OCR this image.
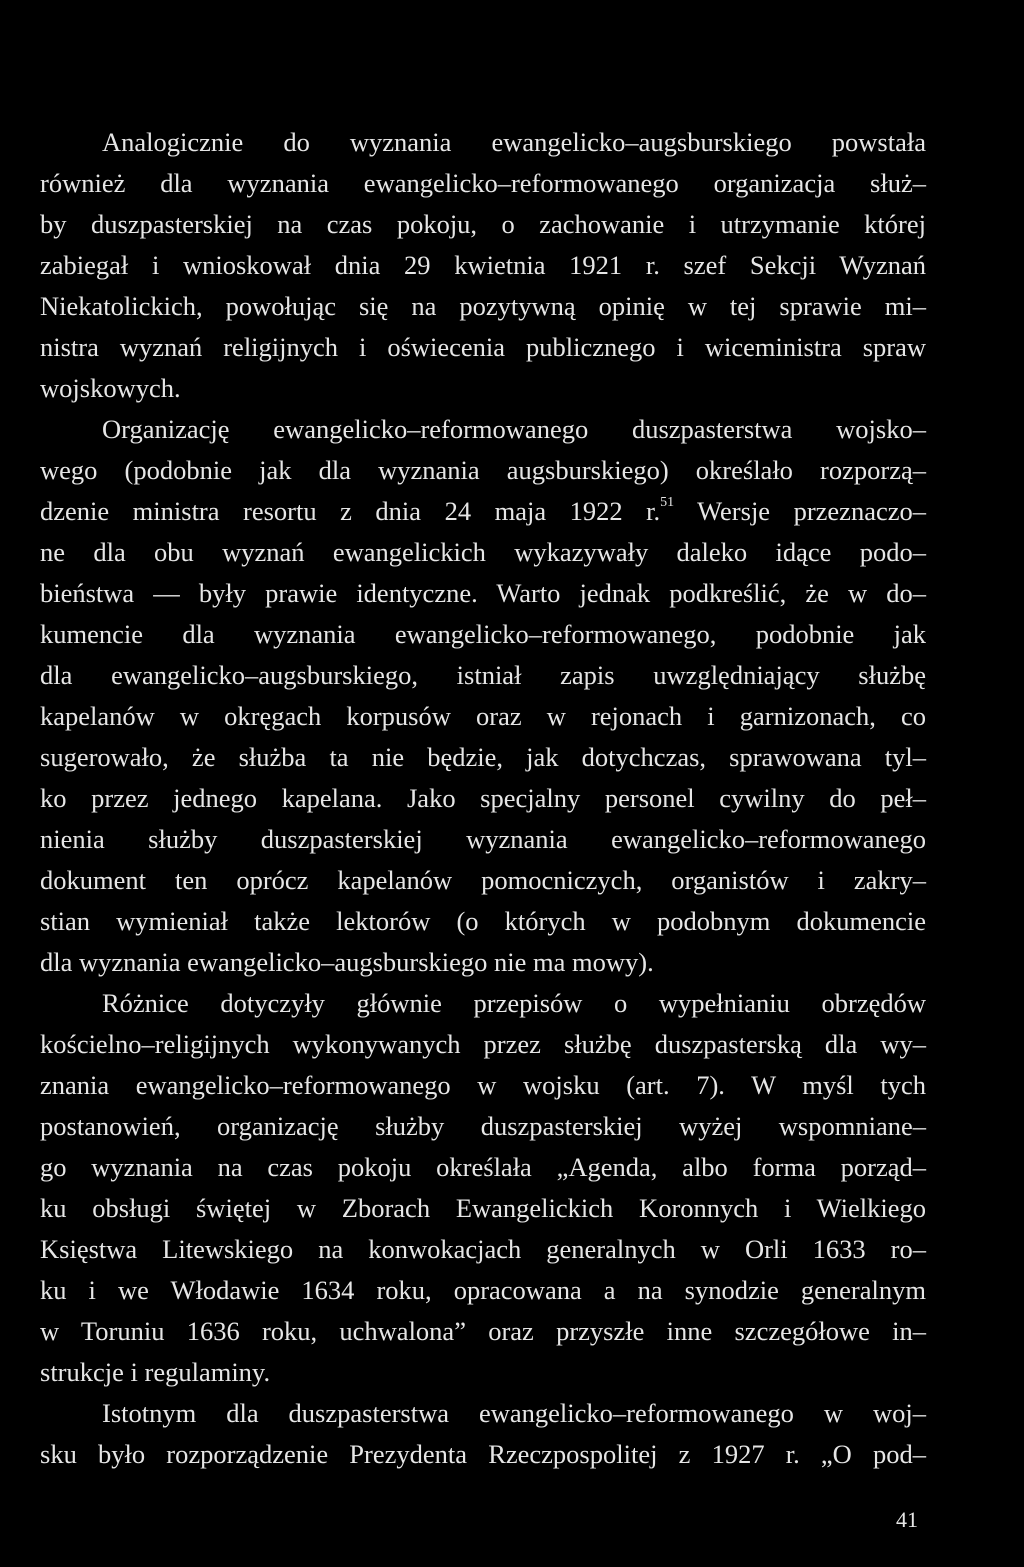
Analogicznie do wyznania ewangelicko–augsburskiego powstała
również dla wyznania ewangelicko–reformowanego organizacja służ–
by duszpasterskiej na czas pokoju, o zachowanie i utrzymanie której
zabiegał i wnioskował dnia 29 kwietnia 1921 r. szef Sekcji Wyznań
Niekatolickich, powołując się na pozytywną opinię w tej sprawie mi–
nistra wyznań religijnych i oświecenia publicznego i wiceministra spraw
wojskowych.
Organizację ewangelicko–reformowanego duszpasterstwa wojsko–
wego (podobnie jak dla wyznania augsburskiego) określało rozporzą–
dzenie ministra resortu z dnia 24 maja 1922 r.$^{51}$ Wersje przeznaczo–
ne dla obu wyznań ewangelickich wykazywały daleko idące podo–
bieństwa — były prawie identyczne. Warto jednak podkreślić, że w do–
kumencie dla wyznania ewangelicko–reformowanego, podobnie jak
dla ewangelicko–augsburskiego, istniał zapis uwzględniający służbę
kapelanów w okręgach korpusów oraz w rejonach i garnizonach, co
sugerowało, że służba ta nie będzie, jak dotychczas, sprawowana tyl–
ko przez jednego kapelana. Jako specjalny personel cywilny do peł–
nienia służby duszpasterskiej wyznania ewangelicko–reformowanego
dokument ten oprócz kapelanów pomocniczych, organistów i zakry–
stian wymieniał także lektorów (o których w podobnym dokumencie
dla wyznania ewangelicko–augsburskiego nie ma mowy).
Różnice dotyczyły głównie przepisów o wypełnianiu obrzędów
kościelno–religijnych wykonywanych przez służbę duszpasterską dla wy–
znania ewangelicko–reformowanego w wojsku (art. 7). W myśl tych
postanowień, organizację służby duszpasterskiej wyżej wspomniane–
go wyznania na czas pokoju określała „Agenda, albo forma porząd–
ku obsługi świętej w Zborach Ewangelickich Koronnych i Wielkiego
Księstwa Litewskiego na konwokacjach generalnych w Orli 1633 ro–
ku i we Włodawie 1634 roku, opracowana a na synodzie generalnym
w Toruniu 1636 roku, uchwalona” oraz przyszłe inne szczegółowe in–
strukcje i regulaminy.
Istotnym dla duszpasterstwa ewangelicko–reformowanego w woj–
sku było rozporządzenie Prezydenta Rzeczpospolitej z 1927 r. „O pod–
41
